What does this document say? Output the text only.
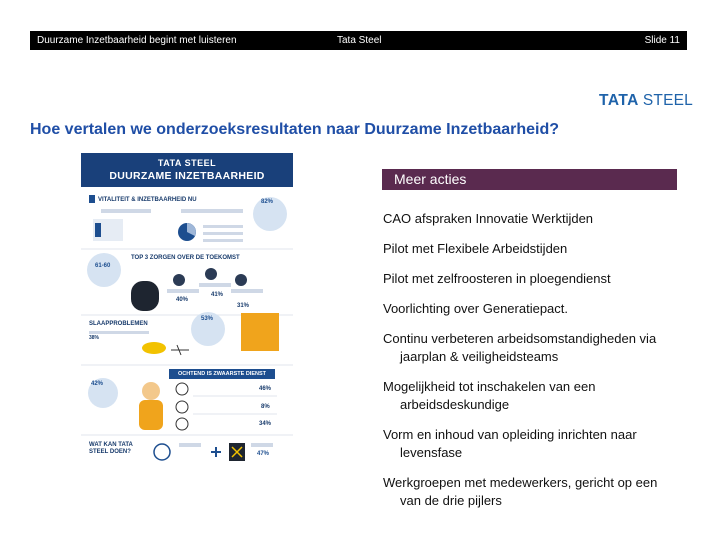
Duurzame Inzetbaarheid begint met luisteren	Tata Steel	Slide 11
TATA STEEL
Hoe vertalen we onderzoeksresultaten naar Duurzame Inzetbaarheid?
TATA STEEL
DUURZAME INZETBAARHEID
VITALITEIT & INZETBAARHEID NU	82%
TOP 3 ZORGEN OVER DE TOEKOMST
61-60
40%
41%
31%
SLAAPPROBLEMEN
38%
53%
OCHTEND IS ZWAARSTE DIENST
42%
46%
8%
34%
WAT KAN TATA STEEL DOEN?	47%
Meer acties
CAO afspraken Innovatie Werktijden
Pilot met Flexibele Arbeidstijden
Pilot met zelfroosteren in ploegendienst
Voorlichting over Generatiepact.
Continu verbeteren arbeidsomstandigheden via
jaarplan & veiligheidsteams
Mogelijkheid tot inschakelen van een
arbeidsdeskundige
Vorm en inhoud van opleiding inrichten naar
levensfase
Werkgroepen met medewerkers, gericht op een
van de drie pijlers
